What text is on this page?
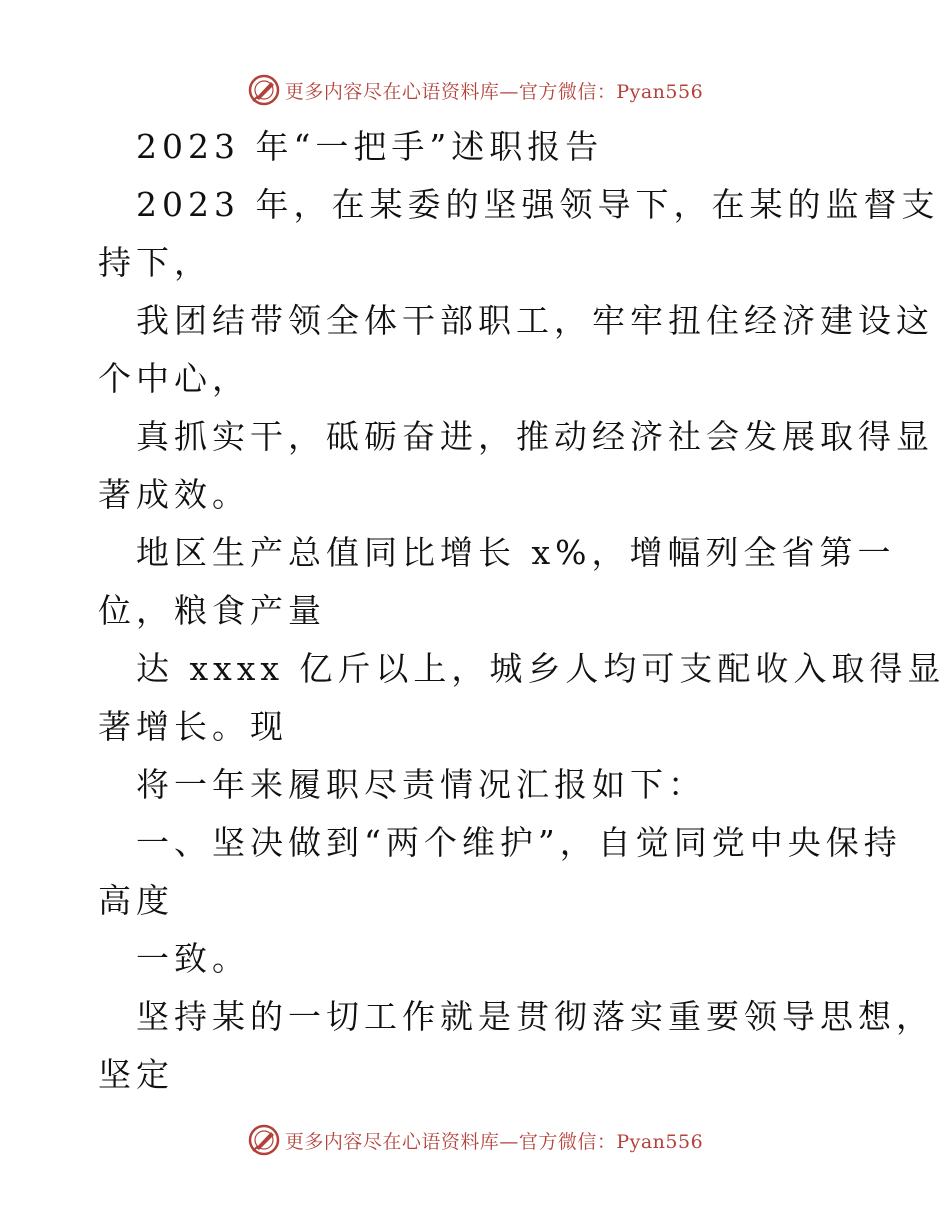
更多内容尽在心语资料库—官方微信：Pyan556
2023 年“一把手”述职报告
2023 年，在某委的坚强领导下，在某的监督支
持下，
我团结带领全体干部职工，牢牢扭住经济建设这
个中心，
真抓实干，砥砺奋进，推动经济社会发展取得显
著成效。
地区生产总值同比增长 x%，增幅列全省第一
位，粮食产量
达 xxxx 亿斤以上，城乡人均可支配收入取得显
著增长。现
将一年来履职尽责情况汇报如下：
一、坚决做到“两个维护”，自觉同党中央保持
高度
一致。
坚持某的一切工作就是贯彻落实重要领导思想，
坚定
更多内容尽在心语资料库—官方微信：Pyan556
